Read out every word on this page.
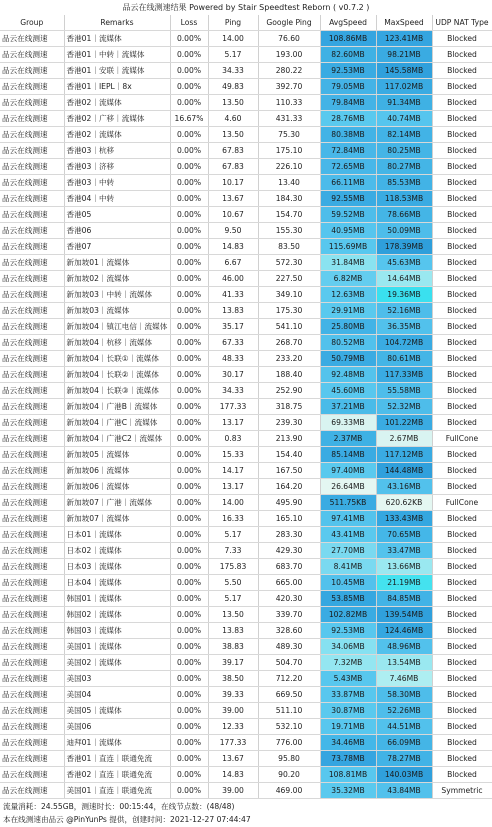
品云在线测速结果 Powered by Stair Speedtest Reborn ( v0.7.2 )
Group	Remarks	Loss	Ping	Google Ping	AvgSpeed	MaxSpeed	UDP NAT Type
品云在线测速	香港01｜流媒体	0.00%	14.00	76.60	108.86MB	123.41MB	Blocked
品云在线测速	香港01｜中转｜流媒体	0.00%	5.17	193.00	82.60MB	98.21MB	Blocked
品云在线测速	香港01｜安联｜流媒体	0.00%	34.33	280.22	92.53MB	145.58MB	Blocked
品云在线测速	香港01｜IEPL｜8x	0.00%	49.83	392.70	79.05MB	117.02MB	Blocked
品云在线测速	香港02｜流媒体	0.00%	13.50	110.33	79.84MB	91.34MB	Blocked
品云在线测速	香港02｜广移｜流媒体	16.67%	4.60	431.33	28.76MB	40.74MB	Blocked
品云在线测速	香港02｜流媒体	0.00%	13.50	75.30	80.38MB	82.14MB	Blocked
品云在线测速	香港03｜杭移	0.00%	67.83	175.10	72.84MB	80.25MB	Blocked
品云在线测速	香港03｜济移	0.00%	67.83	226.10	72.65MB	80.27MB	Blocked
品云在线测速	香港03｜中转	0.00%	10.17	13.40	66.11MB	85.53MB	Blocked
品云在线测速	香港04｜中转	0.00%	13.67	184.30	92.55MB	118.53MB	Blocked
品云在线测速	香港05	0.00%	10.67	154.70	59.52MB	78.66MB	Blocked
品云在线测速	香港06	0.00%	9.50	155.30	40.95MB	50.09MB	Blocked
品云在线测速	香港07	0.00%	14.83	83.50	115.69MB	178.39MB	Blocked
品云在线测速	新加坡01｜流媒体	0.00%	6.67	572.30	31.84MB	45.63MB	Blocked
品云在线测速	新加坡02｜流媒体	0.00%	46.00	227.50	6.82MB	14.64MB	Blocked
品云在线测速	新加坡03｜中转｜流媒体	0.00%	41.33	349.10	12.63MB	19.36MB	Blocked
品云在线测速	新加坡03｜流媒体	0.00%	13.83	175.30	29.91MB	52.16MB	Blocked
品云在线测速	新加坡04｜镇江电信｜流媒体	0.00%	35.17	541.10	25.80MB	36.35MB	Blocked
品云在线测速	新加坡04｜杭移｜流媒体	0.00%	67.33	268.70	80.52MB	104.72MB	Blocked
品云在线测速	新加坡04｜长联①｜流媒体	0.00%	48.33	233.20	50.79MB	80.61MB	Blocked
品云在线测速	新加坡04｜长联②｜流媒体	0.00%	30.17	188.40	92.48MB	117.33MB	Blocked
品云在线测速	新加坡04｜长联③｜流媒体	0.00%	34.33	252.90	45.60MB	55.58MB	Blocked
品云在线测速	新加坡04｜广港B｜流媒体	0.00%	177.33	318.75	37.21MB	52.32MB	Blocked
品云在线测速	新加坡04｜广港C｜流媒体	0.00%	13.17	239.30	69.33MB	101.22MB	Blocked
品云在线测速	新加坡04｜广港C2｜流媒体	0.00%	0.83	213.90	2.37MB	2.67MB	FullCone
品云在线测速	新加坡05｜流媒体	0.00%	15.33	154.40	85.14MB	117.12MB	Blocked
品云在线测速	新加坡06｜流媒体	0.00%	14.17	167.50	97.40MB	144.48MB	Blocked
品云在线测速	新加坡06｜流媒体	0.00%	13.17	164.20	26.64MB	43.16MB	Blocked
品云在线测速	新加坡07｜广港｜流媒体	0.00%	14.00	495.90	511.75KB	620.62KB	FullCone
品云在线测速	新加坡07｜流媒体	0.00%	16.33	165.10	97.41MB	133.43MB	Blocked
品云在线测速	日本01｜流媒体	0.00%	5.17	283.30	43.41MB	70.65MB	Blocked
品云在线测速	日本02｜流媒体	0.00%	7.33	429.30	27.70MB	33.47MB	Blocked
品云在线测速	日本03｜流媒体	0.00%	175.83	683.70	8.41MB	13.66MB	Blocked
品云在线测速	日本04｜流媒体	0.00%	5.50	665.00	10.45MB	21.19MB	Blocked
品云在线测速	韩国01｜流媒体	0.00%	5.17	420.30	53.85MB	84.85MB	Blocked
品云在线测速	韩国02｜流媒体	0.00%	13.50	339.70	102.82MB	139.54MB	Blocked
品云在线测速	韩国03｜流媒体	0.00%	13.83	328.60	92.53MB	124.46MB	Blocked
品云在线测速	美国01｜流媒体	0.00%	38.83	489.30	34.06MB	48.96MB	Blocked
品云在线测速	美国02｜流媒体	0.00%	39.17	504.70	7.32MB	13.54MB	Blocked
品云在线测速	美国03	0.00%	38.50	712.20	5.43MB	7.46MB	Blocked
品云在线测速	美国04	0.00%	39.33	669.50	33.87MB	58.30MB	Blocked
品云在线测速	美国05｜流媒体	0.00%	39.00	511.10	30.87MB	52.26MB	Blocked
品云在线测速	美国06	0.00%	12.33	532.10	19.71MB	44.51MB	Blocked
品云在线测速	迪拜01｜流媒体	0.00%	177.33	776.00	34.46MB	66.09MB	Blocked
品云在线测速	香港01｜直连｜联通免流	0.00%	13.67	95.80	73.78MB	78.27MB	Blocked
品云在线测速	香港02｜直连｜联通免流	0.00%	14.83	90.20	108.81MB	140.03MB	Blocked
品云在线测速	美国01｜直连｜联通免流	0.00%	39.00	469.00	35.32MB	43.84MB	Symmetric
流量消耗：24.55GB，测速时长：00:15:44，在线节点数：(48/48)
本在线测速由品云 @PinYunPs 提供，创建时间：2021-12-27 07:44:47
